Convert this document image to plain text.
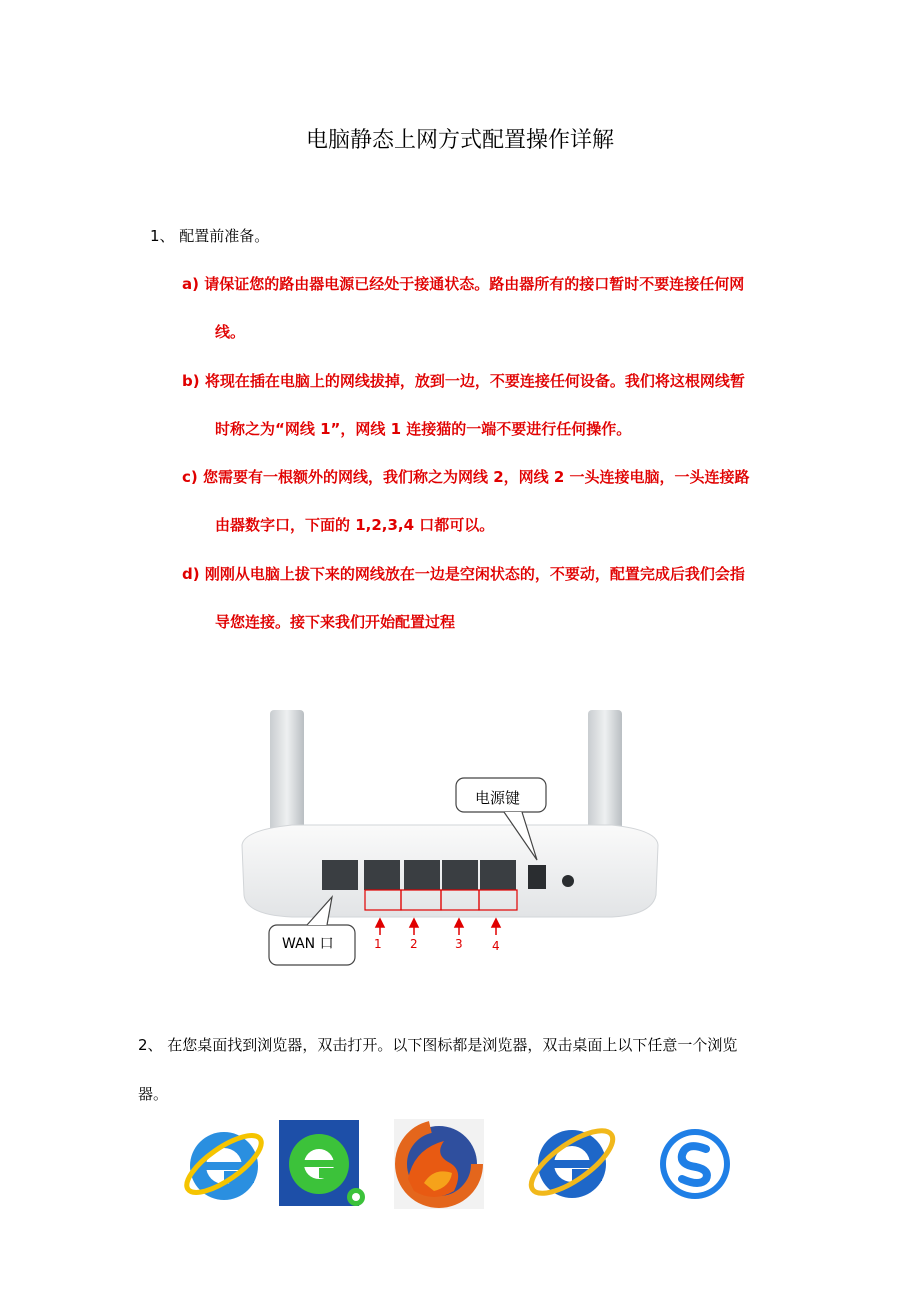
电脑静态上网方式配置操作详解
1、 配置前准备。
a) 请保证您的路由器电源已经处于接通状态。路由器所有的接口暂时不要连接任何网
线。
b) 将现在插在电脑上的网线拔掉，放到一边，不要连接任何设备。我们将这根网线暂
时称之为“网线 1”，网线 1 连接猫的一端不要进行任何操作。
c) 您需要有一根额外的网线，我们称之为网线 2，网线 2 一头连接电脑，一头连接路
由器数字口，下面的 1,2,3,4 口都可以。
d) 刚刚从电脑上拔下来的网线放在一边是空闲状态的，不要动，配置完成后我们会指
导您连接。接下来我们开始配置过程
电源键
WAN 口	1 2	3 4
2、 在您桌面找到浏览器，双击打开。以下图标都是浏览器，双击桌面上以下任意一个浏览
器。
